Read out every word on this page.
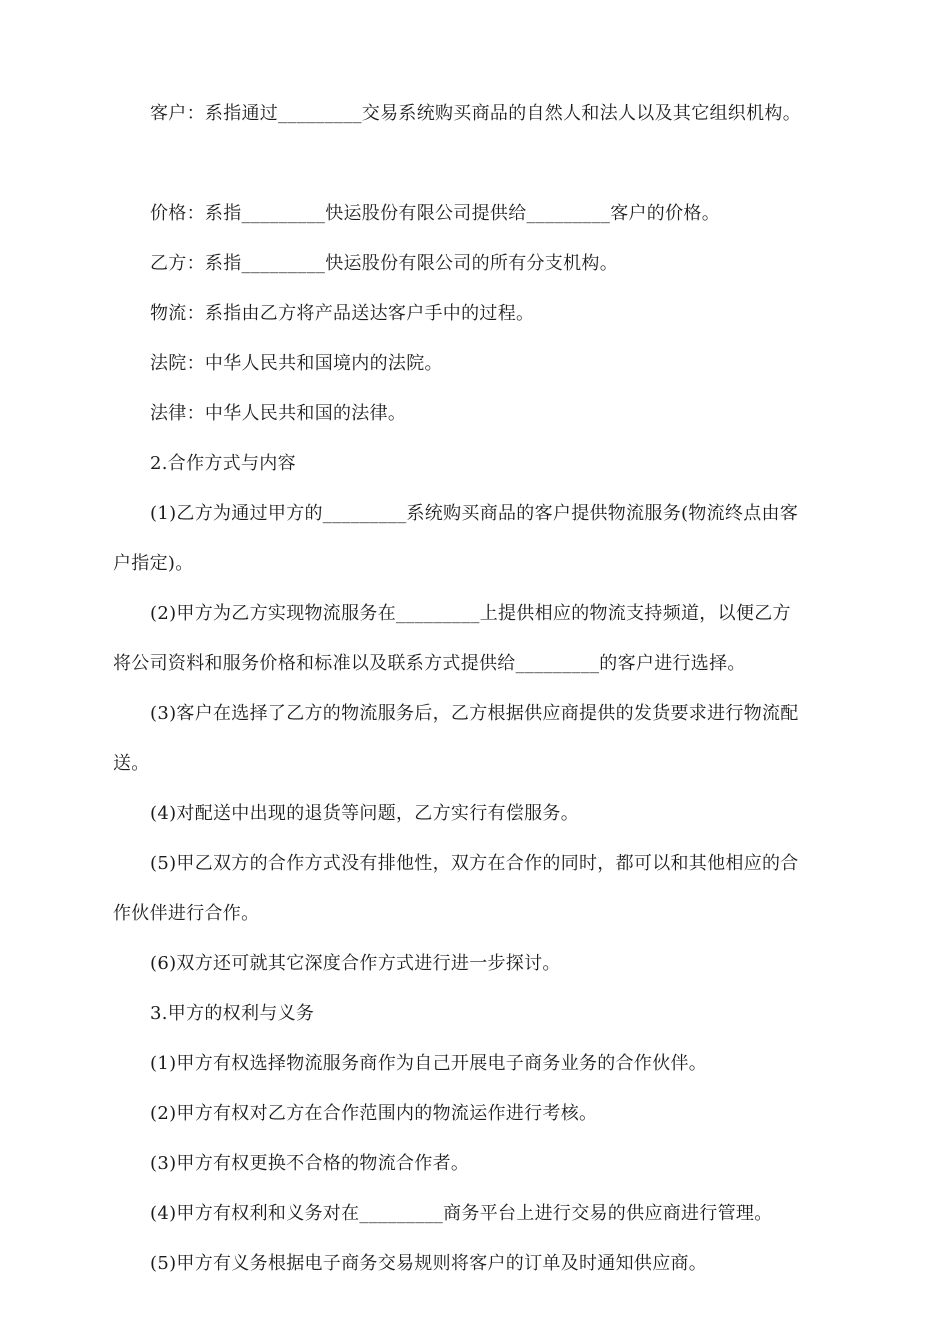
客户：系指通过_________交易系统购买商品的自然人和法人以及其它组织机构。
价格：系指_________快运股份有限公司提供给_________客户的价格。
乙方：系指_________快运股份有限公司的所有分支机构。
物流：系指由乙方将产品送达客户手中的过程。
法院：中华人民共和国境内的法院。
法律：中华人民共和国的法律。
2.合作方式与内容
(1)乙方为通过甲方的_________系统购买商品的客户提供物流服务(物流终点由客
户指定)。
(2)甲方为乙方实现物流服务在_________上提供相应的物流支持频道，以便乙方
将公司资料和服务价格和标准以及联系方式提供给_________的客户进行选择。
(3)客户在选择了乙方的物流服务后，乙方根据供应商提供的发货要求进行物流配
送。
(4)对配送中出现的退货等问题，乙方实行有偿服务。
(5)甲乙双方的合作方式没有排他性，双方在合作的同时，都可以和其他相应的合
作伙伴进行合作。
(6)双方还可就其它深度合作方式进行进一步探讨。
3.甲方的权利与义务
(1)甲方有权选择物流服务商作为自己开展电子商务业务的合作伙伴。
(2)甲方有权对乙方在合作范围内的物流运作进行考核。
(3)甲方有权更换不合格的物流合作者。
(4)甲方有权利和义务对在_________商务平台上进行交易的供应商进行管理。
(5)甲方有义务根据电子商务交易规则将客户的订单及时通知供应商。
